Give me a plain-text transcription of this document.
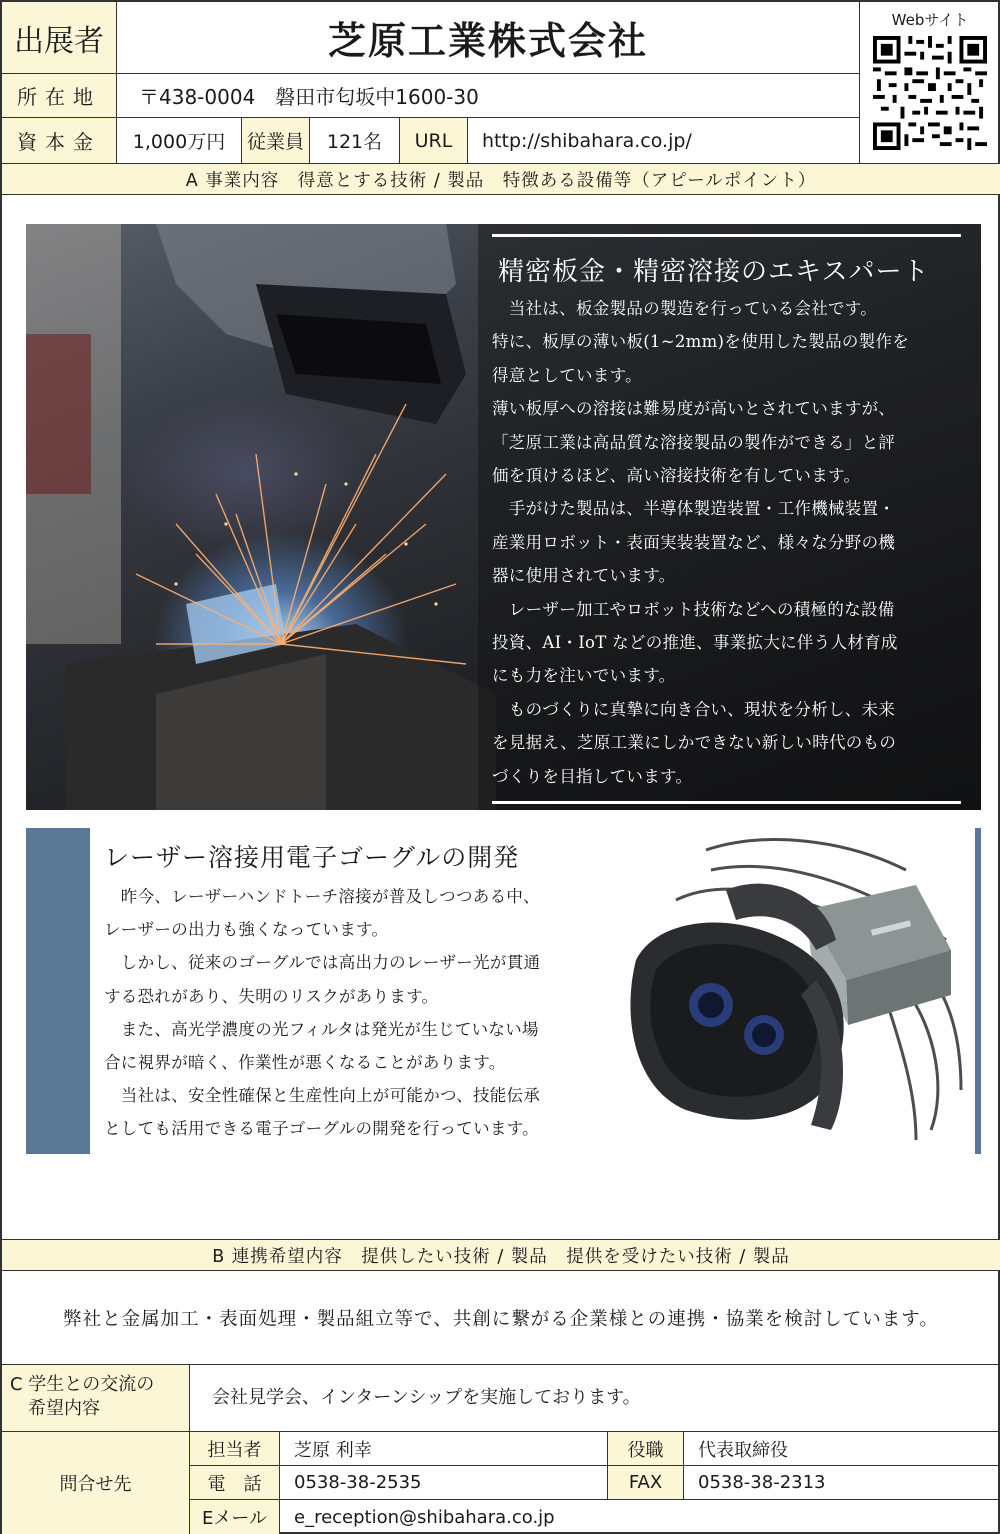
出展者	芝原工業株式会社
所在地	〒438-0004　磐田市匂坂中1600-30
資本金	1,000万円	従業員	121名	URL	http://shibahara.co.jp/
Webサイト
A 事業内容　得意とする技術 / 製品　特徴ある設備等（アピールポイント）
精密板金・精密溶接のエキスパート

　当社は、板金製品の製造を行っている会社です。

特に、板厚の薄い板(1~2mm)を使用した製品の製作を

得意としています。

薄い板厚への溶接は難易度が高いとされていますが、

「芝原工業は高品質な溶接製品の製作ができる」と評

価を頂けるほど、高い溶接技術を有しています。

　手がけた製品は、半導体製造装置・工作機械装置・

産業用ロボット・表面実装装置など、様々な分野の機

器に使用されています。

　レーザー加工やロボット技術などへの積極的な設備

投資、AI・IoT などの推進、事業拡大に伴う人材育成

にも力を注いでいます。

　ものづくりに真摯に向き合い、現状を分析し、未来

を見据え、芝原工業にしかできない新しい時代のもの

づくりを目指しています。

レーザー溶接用電子ゴーグルの開発

　昨今、レーザーハンドトーチ溶接が普及しつつある中、

レーザーの出力も強くなっています。

　しかし、従来のゴーグルでは高出力のレーザー光が貫通

する恐れがあり、失明のリスクがあります。

　また、高光学濃度の光フィルタは発光が生じていない場

合に視界が暗く、作業性が悪くなることがあります。

　当社は、安全性確保と生産性向上が可能かつ、技能伝承

としても活用できる電子ゴーグルの開発を行っています。

B 連携希望内容　提供したい技術 / 製品　提供を受けたい技術 / 製品
弊社と金属加工・表面処理・製品組立等で、共創に繋がる企業様との連携・協業を検討しています。
C 学生との交流の
　希望内容
会社見学会、インターンシップを実施しております。
問合せ先
担当者	芝原 利幸	役職	代表取締役
電　話	0538-38-2535	FAX	0538-38-2313
Eメール	e_reception@shibahara.co.jp
